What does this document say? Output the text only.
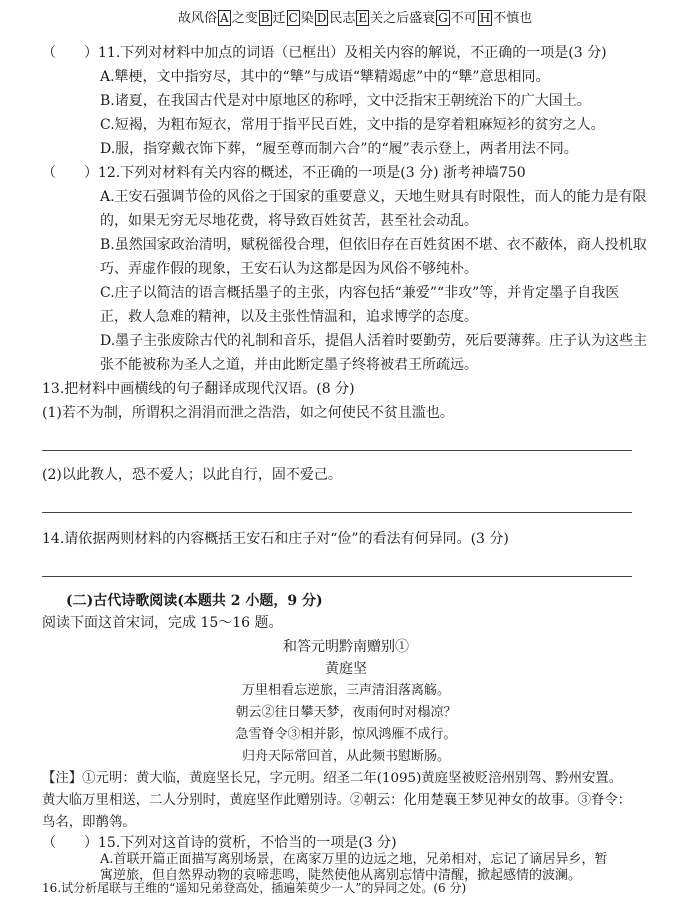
故风俗 A 之变 B 迁 C 染 D 民志 E 关之后盛衰 G 不可 H 不慎也
（　　）11.下列对材料中加点的词语（已框出）及相关内容的解说，不正确的一项是(3 分)
A.犨梗，文中指穷尽，其中的“犨”与成语“犨精竭虑”中的“犨”意思相同。
B.诸夏，在我国古代是对中原地区的称呼，文中泛指宋王朝统治下的广大国土。
C.短褐，为粗布短衣，常用于指平民百姓，文中指的是穿着粗麻短衫的贫穷之人。
D.服，指穿戴衣饰下葬，“履至尊而制六合”的“履”表示登上，两者用法不同。
（　　）12.下列对材料有关内容的概述，不正确的一项是(3 分) 浙考神墙750
A.王安石强调节俭的风俗之于国家的重要意义，天地生财具有时限性，而人的能力是有限
的，如果无穷无尽地花费，将导致百姓贫苦，甚至社会动乱。
B.虽然国家政治清明，赋税徭役合理，但依旧存在百姓贫困不堪、衣不蔽体，商人投机取
巧、弄虚作假的现象，王安石认为这都是因为风俗不够纯朴。
C.庄子以简洁的语言概括墨子的主张，内容包括“兼爱”“非攻”等，并肯定墨子自我医
正，救人急难的精神，以及主张性情温和，追求博学的态度。
D.墨子主张废除古代的礼制和音乐，提倡人活着时要勤劳，死后要薄葬。庄子认为这些主
张不能被称为圣人之道，并由此断定墨子终将被君王所疏远。
13.把材料中画横线的句子翻译成现代汉语。(8 分)
(1)若不为制，所谓积之涓涓而泄之浩浩，如之何使民不贫且滥也。
(2)以此教人，恐不爱人；以此自行，固不爱己。
14.请依据两则材料的内容概括王安石和庄子对“俭”的看法有何异同。(3 分)
(二)古代诗歌阅读(本题共 2 小题，9 分)
阅读下面这首宋词，完成 15～16 题。
和答元明黔南赠别①
黄庭坚
万里相看忘逆旅，三声清泪落离觞。
朝云②往日攀天梦，夜雨何时对榻凉？
急雪脊令③相并影，惊风鸿雁不成行。
归舟天际常回首，从此频书慰断肠。
【注】①元明：黄大临，黄庭坚长兄，字元明。绍圣二年(1095)黄庭坚被贬涪州别驾、黔州安置。
黄大临万里相送，二人分别时，黄庭坚作此赠别诗。②朝云：化用楚襄王梦见神女的故事。③脊令：
鸟名，即鹡鸰。
（　　）15.下列对这首诗的赏析，不恰当的一项是(3 分)
A.首联开篇正面描写离别场景，在离家万里的边远之地，兄弟相对，忘记了谪居异乡，暂
寓逆旅，但自然界动物的哀啼悲鸣，陡然使他从离别忘情中清醒，掀起感情的波澜。
16.试分析尾联与王维的“遥知兄弟登高处，插遍茱萸少一人”的异同之处。(6 分)
